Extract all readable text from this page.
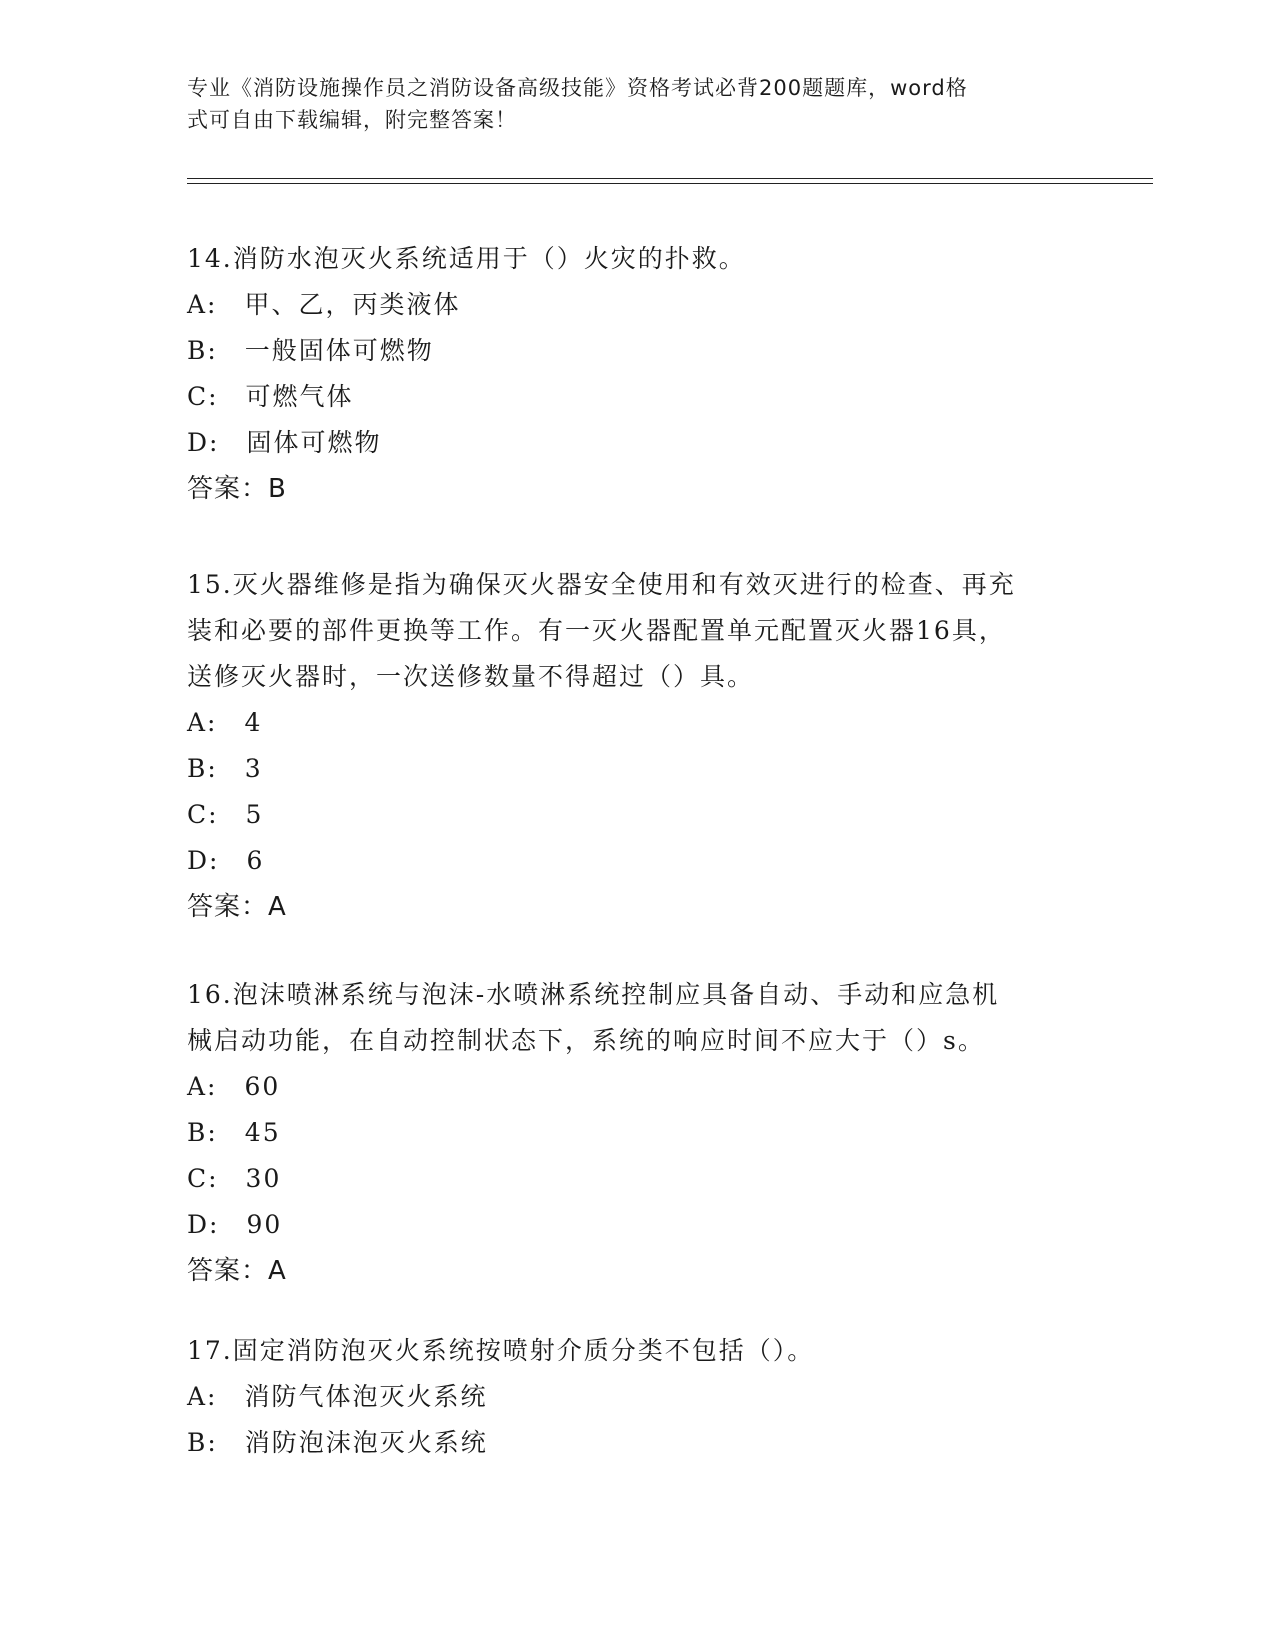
专业《消防设施操作员之消防设备高级技能》资格考试必背200题题库，word格
式可自由下载编辑，附完整答案！

14.消防水泡灭火系统适用于（）火灾的扑救。

A:　甲、乙，丙类液体

B:　一般固体可燃物

C:　可燃气体

D:　固体可燃物

答案：B

15.灭火器维修是指为确保灭火器安全使用和有效灭进行的检查、再充

装和必要的部件更换等工作。有一灭火器配置单元配置灭火器16具，

送修灭火器时，一次送修数量不得超过（）具。

A:　4

B:　3

C:　5

D:　6

答案：A

16.泡沫喷淋系统与泡沫-水喷淋系统控制应具备自动、手动和应急机

械启动功能，在自动控制状态下，系统的响应时间不应大于（）s。

A:　60

B:　45

C:　30

D:　90

答案：A

17.固定消防泡灭火系统按喷射介质分类不包括（）。

A:　消防气体泡灭火系统

B:　消防泡沫泡灭火系统
